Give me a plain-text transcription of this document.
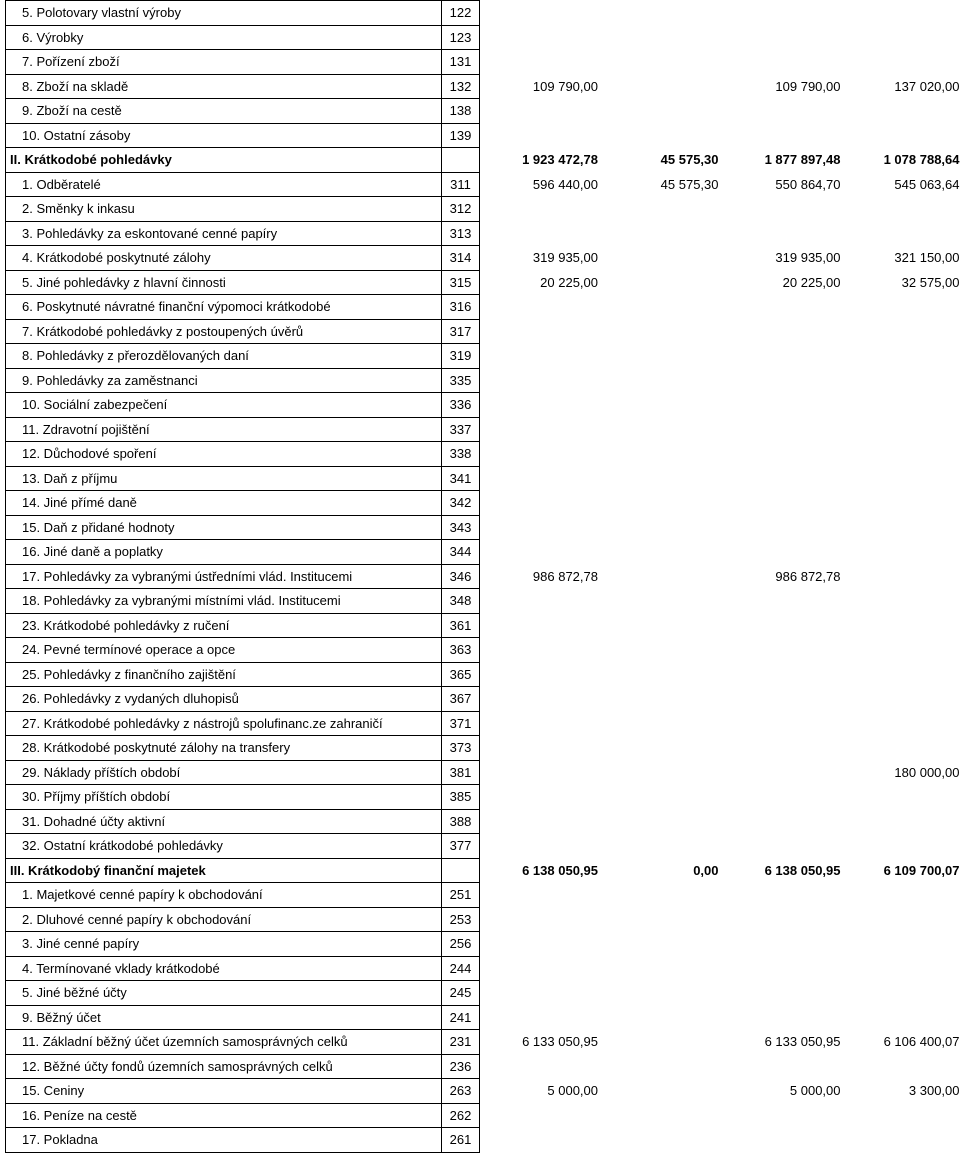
5. Polotovary vlastní výroby	122				
6. Výrobky	123				
7. Pořízení zboží	131				
8. Zboží na skladě	132	109 790,00		109 790,00	137 020,00
9. Zboží na cestě	138				
10. Ostatní zásoby	139				
II. Krátkodobé pohledávky		1 923 472,78	45 575,30	1 877 897,48	1 078 788,64
1. Odběratelé	311	596 440,00	45 575,30	550 864,70	545 063,64
2. Směnky k inkasu	312				
3. Pohledávky za eskontované cenné papíry	313				
4. Krátkodobé poskytnuté zálohy	314	319 935,00		319 935,00	321 150,00
5. Jiné pohledávky z hlavní činnosti	315	20 225,00		20 225,00	32 575,00
6. Poskytnuté návratné finanční výpomoci krátkodobé	316				
7. Krátkodobé pohledávky z postoupených úvěrů	317				
8. Pohledávky z přerozdělovaných daní	319				
9. Pohledávky za zaměstnanci	335				
10. Sociální zabezpečení	336				
11. Zdravotní pojištění	337				
12. Důchodové spoření	338				
13. Daň z příjmu	341				
14. Jiné přímé daně	342				
15. Daň z přidané hodnoty	343				
16. Jiné daně a poplatky	344				
17. Pohledávky za vybranými ústředními vlád. Institucemi	346	986 872,78		986 872,78	
18. Pohledávky za vybranými místními vlád. Institucemi	348				
23. Krátkodobé pohledávky z ručení	361				
24. Pevné termínové operace a opce	363				
25. Pohledávky z finančního zajištění	365				
26. Pohledávky z vydaných dluhopisů	367				
27. Krátkodobé pohledávky z nástrojů spolufinanc.ze zahraničí	371				
28. Krátkodobé poskytnuté zálohy na transfery	373				
29. Náklady příštích období	381				180 000,00
30. Příjmy příštích období	385				
31. Dohadné účty aktivní	388				
32. Ostatní krátkodobé pohledávky	377				
III. Krátkodobý finanční majetek		6 138 050,95	0,00	6 138 050,95	6 109 700,07
1. Majetkové cenné papíry k obchodování	251				
2. Dluhové cenné papíry k obchodování	253				
3. Jiné cenné papíry	256				
4. Termínované vklady krátkodobé	244				
5. Jiné běžné účty	245				
9. Běžný účet	241				
11. Základní běžný účet územních samosprávných celků	231	6 133 050,95		6 133 050,95	6 106 400,07
12. Běžné účty fondů územních samosprávných celků	236				
15. Ceniny	263	5 000,00		5 000,00	3 300,00
16. Peníze na cestě	262				
17. Pokladna	261				
